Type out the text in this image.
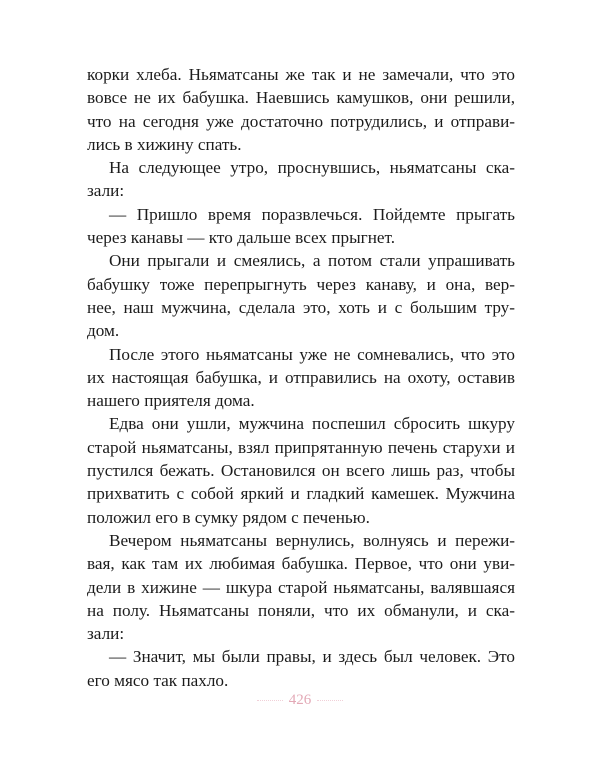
корки хлеба. Ньяматсаны же так и не замечали, что это
вовсе не их бабушка. Наевшись камушков, они решили,
что на сегодня уже достаточно потрудились, и отправи-
лись в хижину спать.
На следующее утро, проснувшись, ньяматсаны ска-
зали:
— Пришло время поразвлечься. Пойдемте прыгать
через канавы — кто дальше всех прыгнет.
Они прыгали и смеялись, а потом стали упрашивать
бабушку тоже перепрыгнуть через канаву, и она, вер-
нее, наш мужчина, сделала это, хоть и с большим тру-
дом.
После этого ньяматсаны уже не сомневались, что это
их настоящая бабушка, и отправились на охоту, оставив
нашего приятеля дома.
Едва они ушли, мужчина поспешил сбросить шкуру
старой ньяматсаны, взял припрятанную печень старухи и
пустился бежать. Остановился он всего лишь раз, чтобы
прихватить с собой яркий и гладкий камешек. Мужчина
положил его в сумку рядом с печенью.
Вечером ньяматсаны вернулись, волнуясь и пережи-
вая, как там их любимая бабушка. Первое, что они уви-
дели в хижине — шкура старой ньяматсаны, валявшаяся
на полу. Ньяматсаны поняли, что их обманули, и ска-
зали:
— Значит, мы были правы, и здесь был человек. Это
его мясо так пахло.
426
